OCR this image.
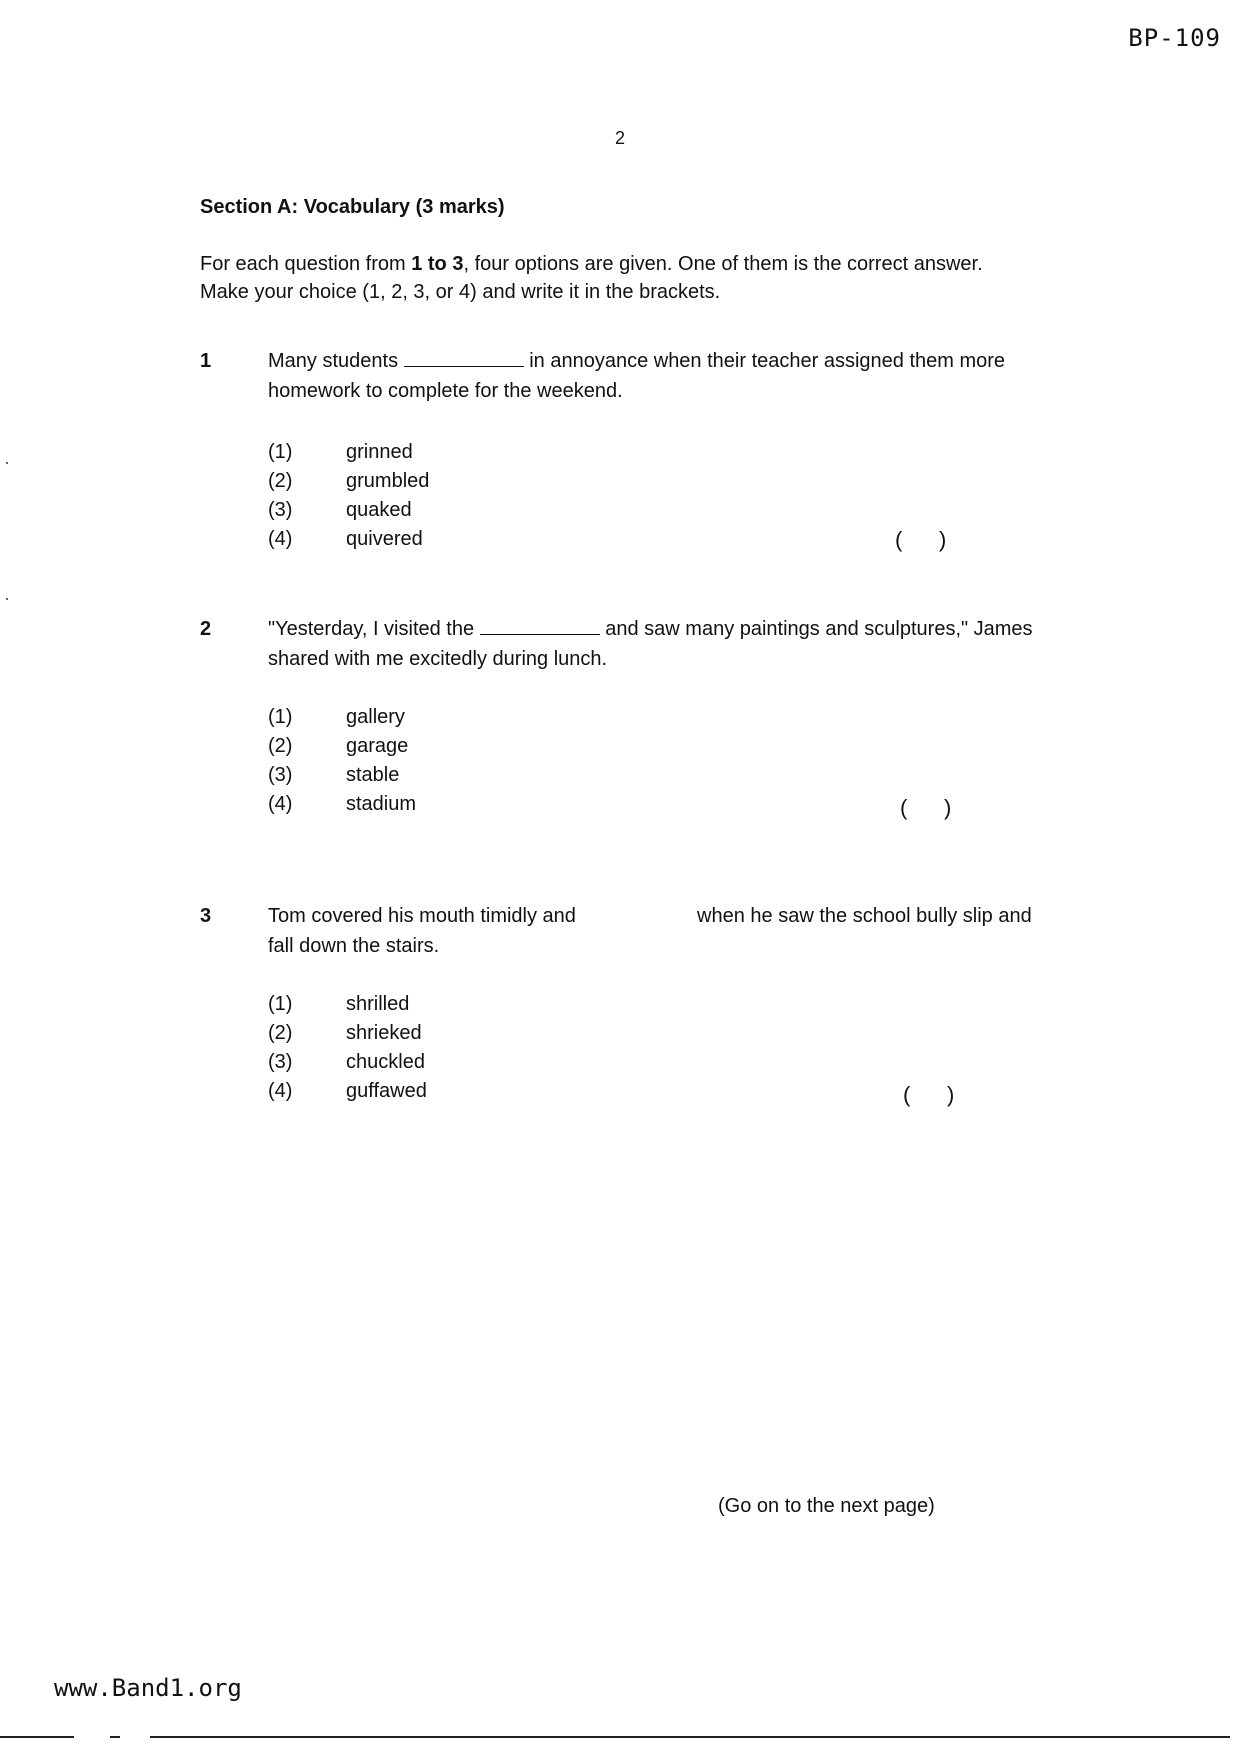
BP-109
2
Section A: Vocabulary (3 marks)
For each question from 1 to 3, four options are given. One of them is the correct answer. Make your choice (1, 2, 3, or 4) and write it in the brackets.
1	Many students	in annoyance when their teacher assigned them more homework to complete for the weekend.
(1)	grinned
(2)	grumbled
(3)	quaked
(4)	quivered	(      )
2	"Yesterday, I visited the	and saw many paintings and sculptures," James shared with me excitedly during lunch.
(1)	gallery
(2)	garage
(3)	stable
(4)	stadium	(      )
3	Tom covered his mouth timidly and	when he saw the school bully slip and fall down the stairs.
(1)	shrilled
(2)	shrieked
(3)	chuckled
(4)	guffawed	(      )
(Go on to the next page)
www.Band1.org
